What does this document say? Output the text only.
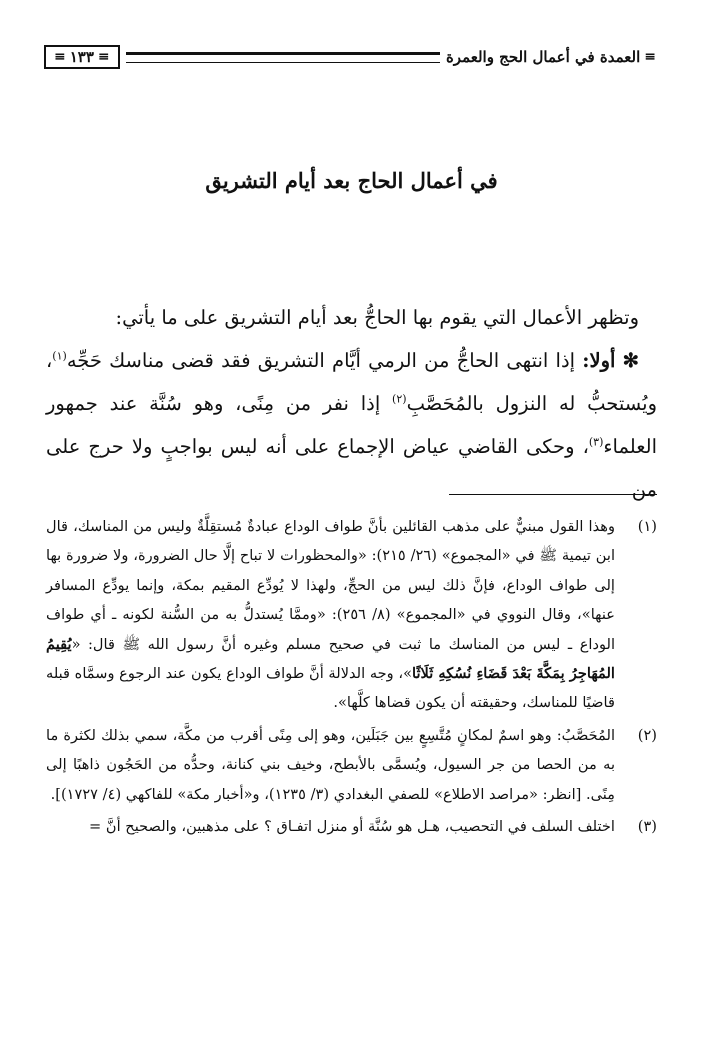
≡
العمدة في أعمال الحج والعمرة
≡
١٣٣
≡
في أعمال الحاج بعد أيام التشريق

وتظهر الأعمال التي يقوم بها الحاجُّ بعد أيام التشريق على ما يأتي:

✻ أولا: إذا انتهى الحاجُّ من الرمي أيَّام التشريق فقد قضى مناسك حَجِّه$^{(١)}$، ويُستحبُّ له النزول بالمُحَصَّبِ$^{(٢)}$ إذا نفر من مِنًى، وهو سُنَّة عند جمهور العلماء$^{(٣)}$، وحكى القاضي عياض الإجماع على أنه ليس بواجبٍ ولا حرج على من

(١)
وهذا القول مبنيٌّ على مذهب القائلين بأنَّ طواف الوداع عبادةٌ مُستقِلَّةٌ وليس من المناسك، قال ابن تيمية ﷺ في «المجموع» (٢٦/ ٢١٥): «والمحظورات لا تباح إلَّا حال الضرورة، ولا ضرورة بها إلى طواف الوداع، فإنَّ ذلك ليس من الحجِّ، ولهذا لا يُودِّع المقيم بمكة، وإنما يودِّع المسافر عنها»، وقال النووي في «المجموع» (٨/ ٢٥٦): «وممَّا يُستدلُّ به من السُّنة لكونه ـ أي طواف الوداع ـ ليس من المناسك ما ثبت في صحيح مسلم وغيره أنَّ رسول الله ﷺ قال: «يُقِيمُ المُهَاجِرُ بِمَكَّةَ بَعْدَ قَضَاءِ نُسُكِهِ ثَلَاثًا»، وجه الدلالة أنَّ طواف الوداع يكون عند الرجوع وسمَّاه قبله قاضيًا للمناسك، وحقيقته أن يكون قضاها كلَّها».
(٢)
المُحَصَّبُ: وهو اسمٌ لمكانٍ مُتَّسِعٍ بين جَبَلَين، وهو إلى مِنًى أقرب من مكَّة، سمي بذلك لكثرة ما به من الحصا من جر السيول، ويُسمَّى بالأبطح، وخيف بني كنانة، وحدُّه من الحَجُون ذاهبًا إلى مِنًى. [انظر: «مراصد الاطلاع» للصفي البغدادي (٣/ ١٢٣٥)، و«أخبار مكة» للفاكهي (٤/ ١٧٢٧)].
(٣)
اختلف السلف في التحصيب، هـل هو سُنَّة أو منزل اتفـاق ؟ على مذهبين، والصحيح أنَّ =
